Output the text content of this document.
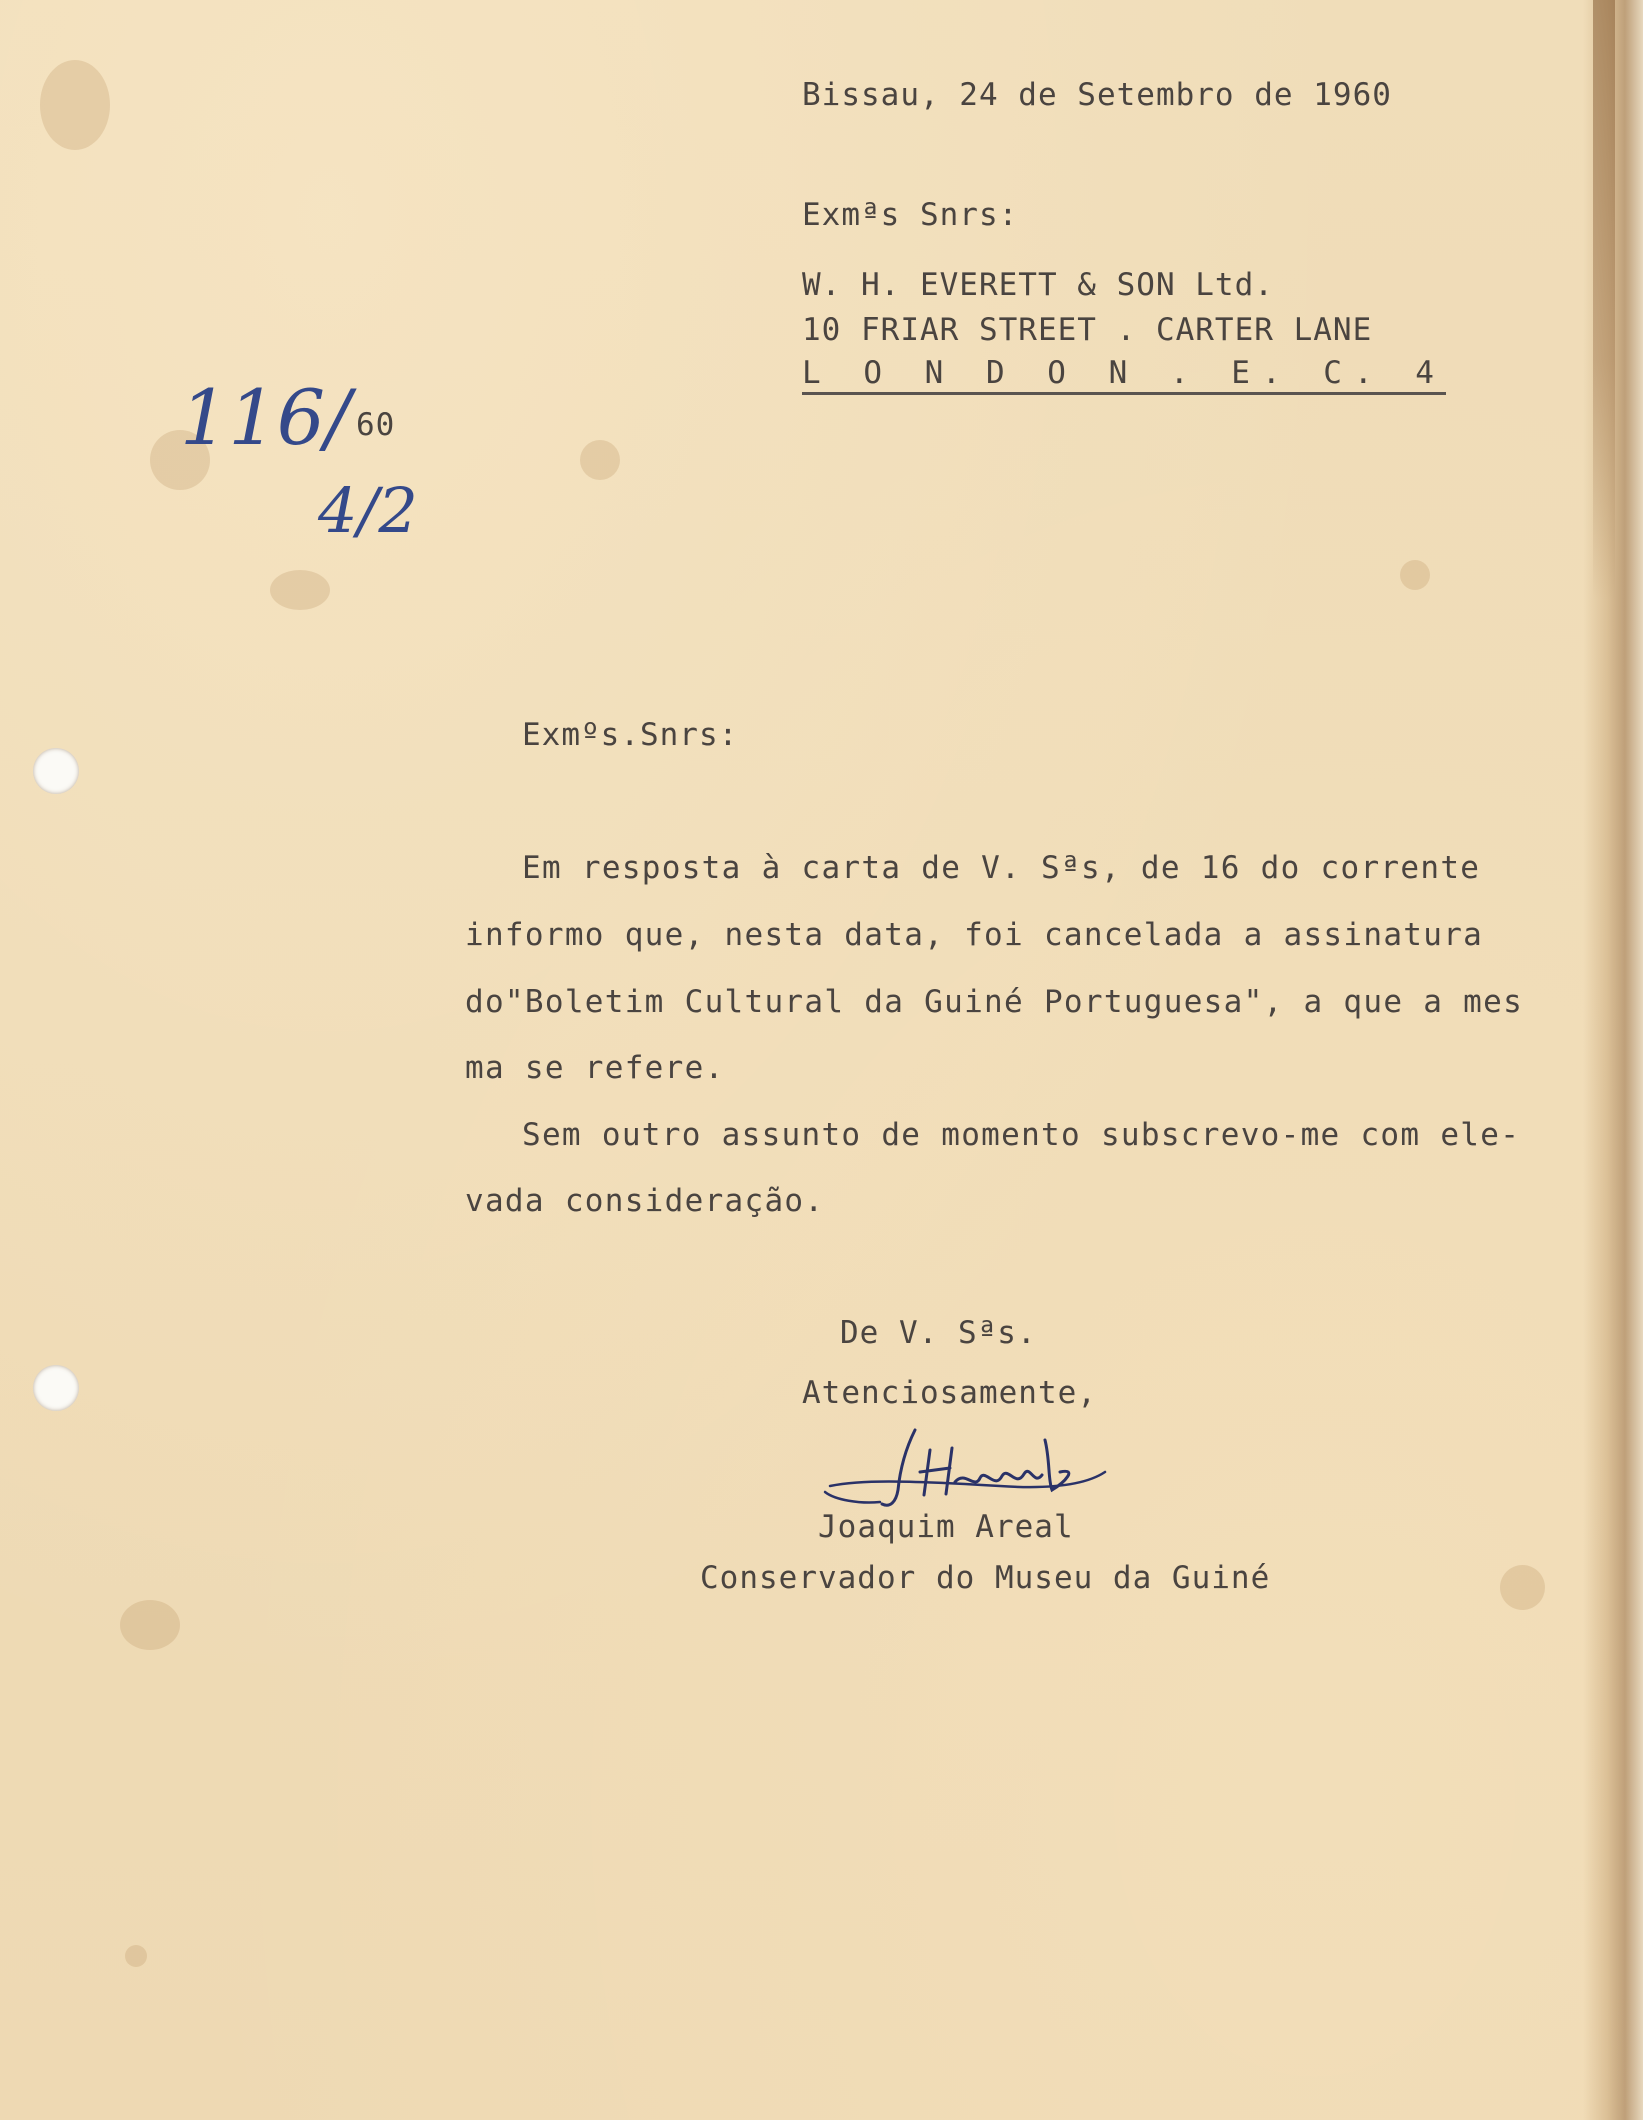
Bissau, 24 de Setembro de 1960
Exmªs Snrs:
W. H. EVERETT & SON Ltd.
10 FRIAR STREET . CARTER LANE
L O N D O N . E. C. 4
116/ 60
4/2
Exmºs.Snrs:
Em resposta à carta de V. Sªs, de 16 do corrente
informo que, nesta data, foi cancelada a assinatura
do"Boletim Cultural da Guiné Portuguesa", a que a mes
ma se refere.
Sem outro assunto de momento subscrevo-me com ele-
vada consideração.
De V. Sªs.
Atenciosamente,
Joaquim Areal
Conservador do Museu da Guiné
